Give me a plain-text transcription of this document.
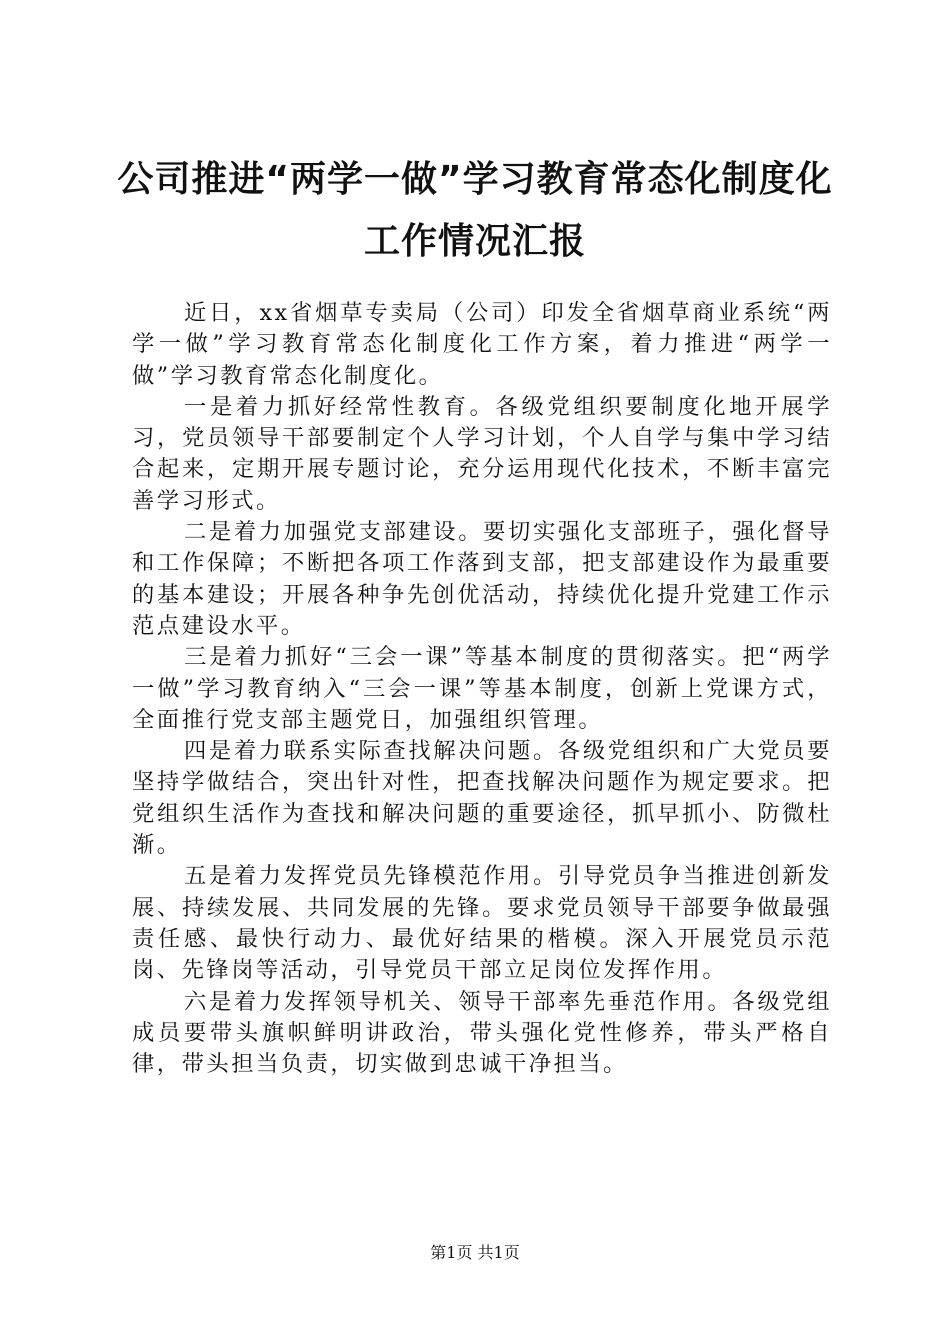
公司推进“两学一做”学习教育常态化制度化
工作情况汇报

近日，xx省烟草专卖局（公司）印发全省烟草商业系统“两学一做”学习教育常态化制度化工作方案，着力推进“两学一做”学习教育常态化制度化。

一是着力抓好经常性教育。各级党组织要制度化地开展学习，党员领导干部要制定个人学习计划，个人自学与集中学习结合起来，定期开展专题讨论，充分运用现代化技术，不断丰富完善学习形式。

二是着力加强党支部建设。要切实强化支部班子，强化督导和工作保障；不断把各项工作落到支部，把支部建设作为最重要的基本建设；开展各种争先创优活动，持续优化提升党建工作示范点建设水平。

三是着力抓好“三会一课”等基本制度的贯彻落实。把“两学一做”学习教育纳入“三会一课”等基本制度，创新上党课方式，全面推行党支部主题党日，加强组织管理。

四是着力联系实际查找解决问题。各级党组织和广大党员要坚持学做结合，突出针对性，把查找解决问题作为规定要求。把党组织生活作为查找和解决问题的重要途径，抓早抓小、防微杜渐。

五是着力发挥党员先锋模范作用。引导党员争当推进创新发展、持续发展、共同发展的先锋。要求党员领导干部要争做最强责任感、最快行动力、最优好结果的楷模。深入开展党员示范岗、先锋岗等活动，引导党员干部立足岗位发挥作用。

六是着力发挥领导机关、领导干部率先垂范作用。各级党组成员要带头旗帜鲜明讲政治，带头强化党性修养，带头严格自律，带头担当负责，切实做到忠诚干净担当。

第1页 共1页
